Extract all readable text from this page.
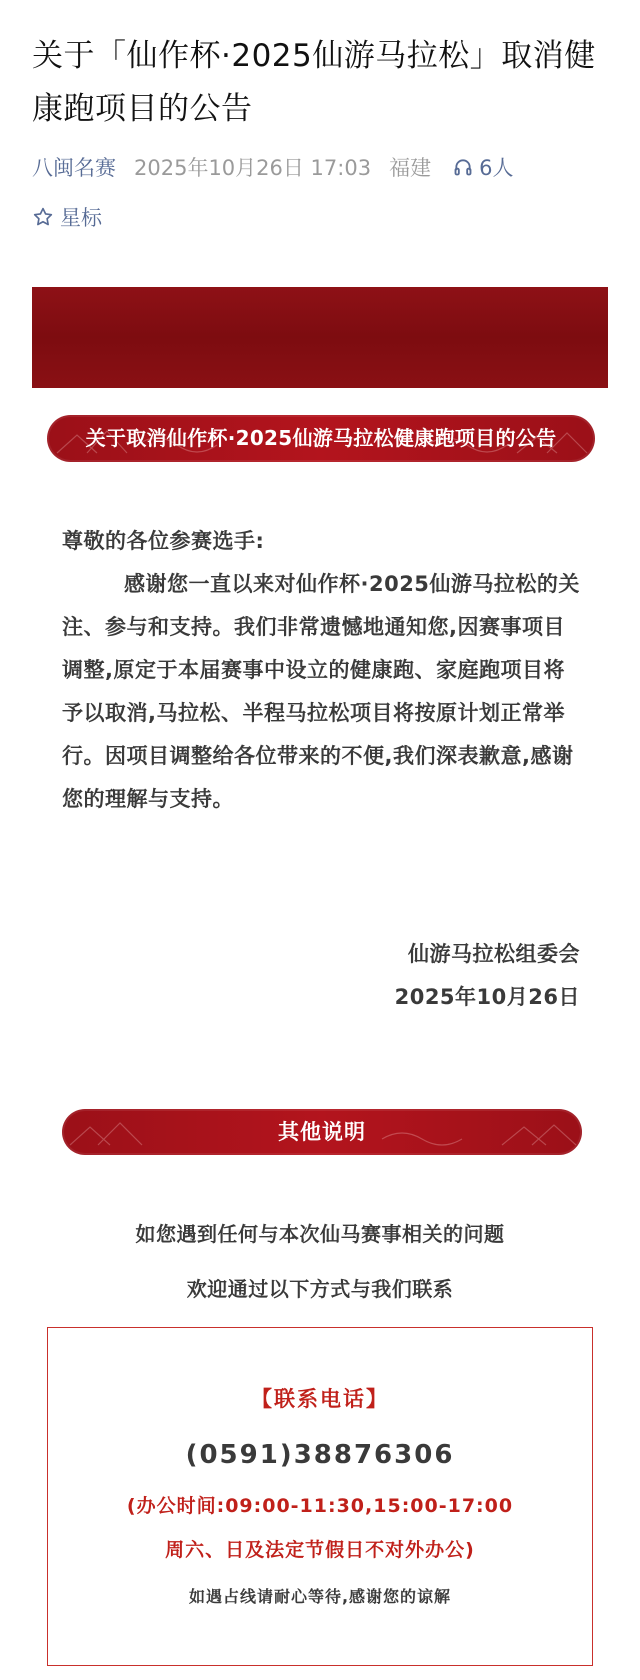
关于「仙作杯·2025仙游马拉松」取消健康跑项目的公告
八闽名赛 2025年10月26日 17:03 福建 6人
星标
关于取消仙作杯·2025仙游马拉松健康跑项目的公告

尊敬的各位参赛选手:

感谢您一直以来对仙作杯·2025仙游马拉松的关注、参与和支持。我们非常遗憾地通知您,因赛事项目调整,原定于本届赛事中设立的健康跑、家庭跑项目将予以取消,马拉松、半程马拉松项目将按原计划正常举行。因项目调整给各位带来的不便,我们深表歉意,感谢您的理解与支持。

仙游马拉松组委会
2025年10月26日
其他说明
如您遇到任何与本次仙马赛事相关的问题
欢迎通过以下方式与我们联系
【联系电话】
(0591)38876306
(办公时间:09:00-11:30,15:00-17:00
周六、日及法定节假日不对外办公)
如遇占线请耐心等待,感谢您的谅解
